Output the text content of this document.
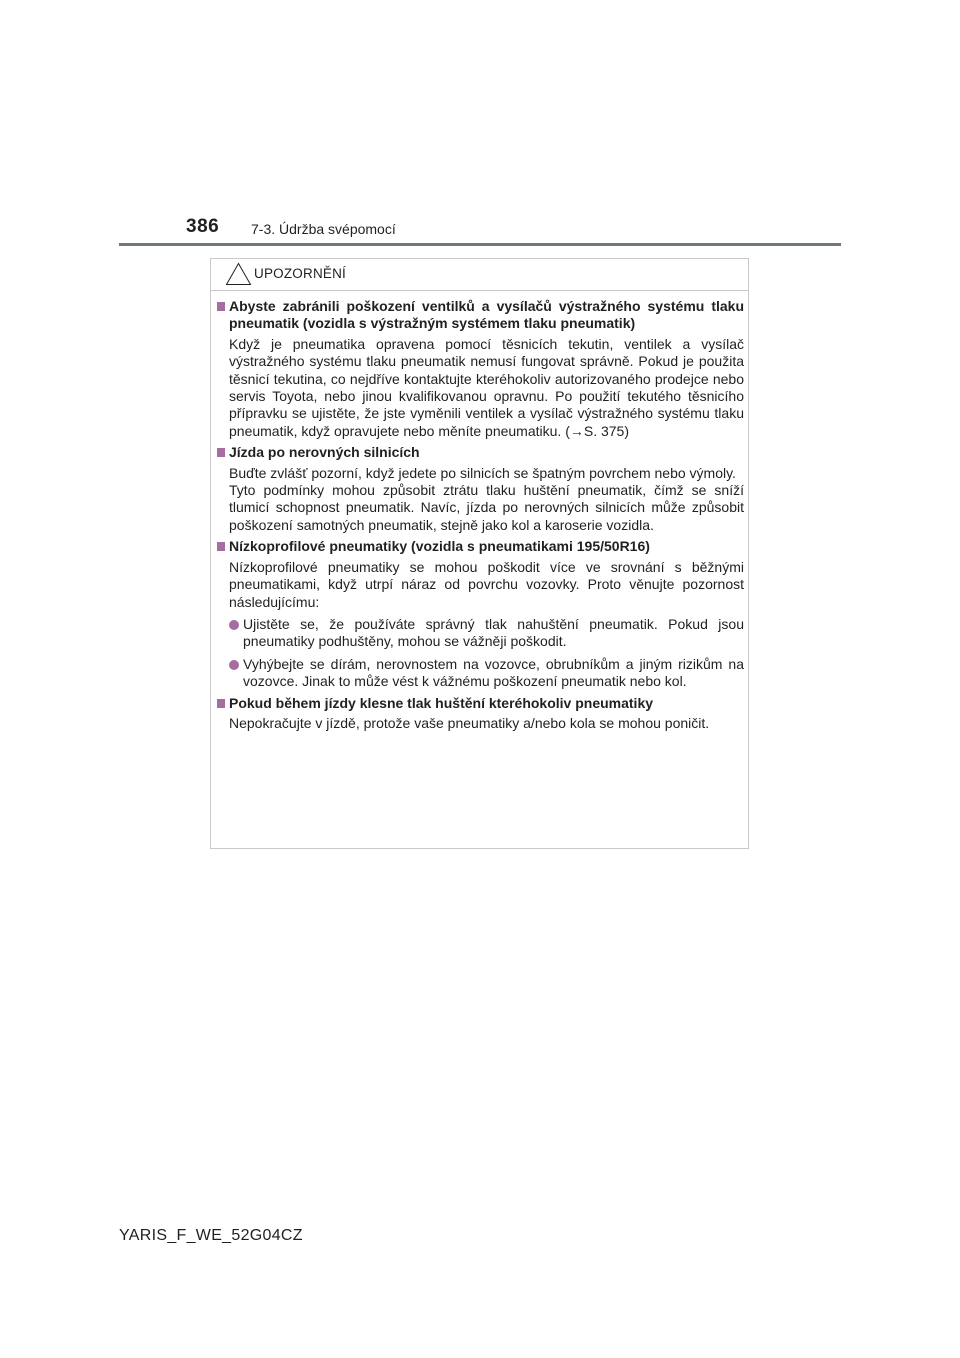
386 7-3. Údržba svépomocí
UPOZORNĚNÍ
Abyste zabránili poškození ventilků a vysílačů výstražného systému tlaku pneumatik (vozidla s výstražným systémem tlaku pneumatik)
Když je pneumatika opravena pomocí těsnicích tekutin, ventilek a vysílač výstražného systému tlaku pneumatik nemusí fungovat správně. Pokud je použita těsnicí tekutina, co nejdříve kontaktujte kteréhokoliv autorizovaného prodejce nebo servis Toyota, nebo jinou kvalifikovanou opravnu. Po použití tekutého těsnicího přípravku se ujistěte, že jste vyměnili ventilek a vysílač výstražného systému tlaku pneumatik, když opravujete nebo měníte pneumatiku. (→S. 375)
Jízda po nerovných silnicích
Buďte zvlášť pozorní, když jedete po silnicích se špatným povrchem nebo výmoly.
Tyto podmínky mohou způsobit ztrátu tlaku huštění pneumatik, čímž se sníží tlumicí schopnost pneumatik. Navíc, jízda po nerovných silnicích může způsobit poškození samotných pneumatik, stejně jako kol a karoserie vozidla.
Nízkoprofilové pneumatiky (vozidla s pneumatikami 195/50R16)
Nízkoprofilové pneumatiky se mohou poškodit více ve srovnání s běžnými pneumatikami, když utrpí náraz od povrchu vozovky. Proto věnujte pozornost následujícímu:
Ujistěte se, že používáte správný tlak nahuštění pneumatik. Pokud jsou pneumatiky podhuštěny, mohou se vážněji poškodit.
Vyhýbejte se dírám, nerovnostem na vozovce, obrubníkům a jiným rizikům na vozovce. Jinak to může vést k vážnému poškození pneumatik nebo kol.
Pokud během jízdy klesne tlak huštění kteréhokoliv pneumatiky
Nepokračujte v jízdě, protože vaše pneumatiky a/nebo kola se mohou poničit.
YARIS_F_WE_52G04CZ
